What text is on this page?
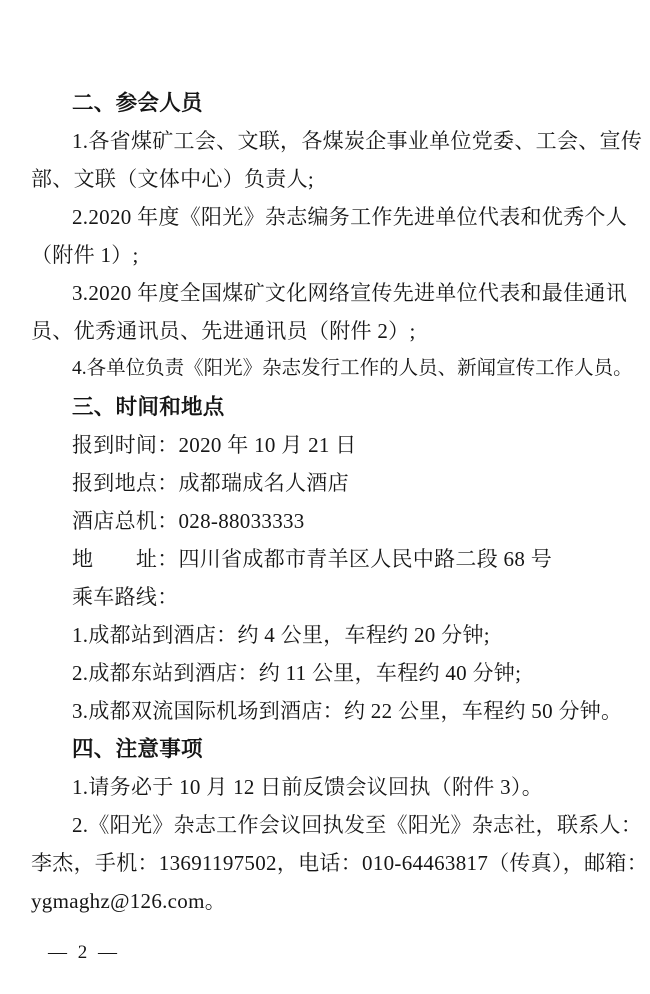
二、参会人员
1.各省煤矿工会、文联，各煤炭企事业单位党委、工会、宣传
部、文联（文体中心）负责人;
2.2020 年度《阳光》杂志编务工作先进单位代表和优秀个人
（附件 1）;
3.2020 年度全国煤矿文化网络宣传先进单位代表和最佳通讯
员、优秀通讯员、先进通讯员（附件 2）;
4.各单位负责《阳光》杂志发行工作的人员、新闻宣传工作人员。
三、时间和地点
报到时间：2020 年 10 月 21 日
报到地点：成都瑞成名人酒店
酒店总机：028-88033333
地　　址：四川省成都市青羊区人民中路二段 68 号
乘车路线：
1.成都站到酒店：约 4 公里，车程约 20 分钟;
2.成都东站到酒店：约 11 公里，车程约 40 分钟;
3.成都双流国际机场到酒店：约 22 公里，车程约 50 分钟。
四、注意事项
1.请务必于 10 月 12 日前反馈会议回执（附件 3）。
2.《阳光》杂志工作会议回执发至《阳光》杂志社，联系人：
李杰，手机：13691197502，电话：010-64463817（传真），邮箱：
ygmaghz@126.com。
— 2 —
